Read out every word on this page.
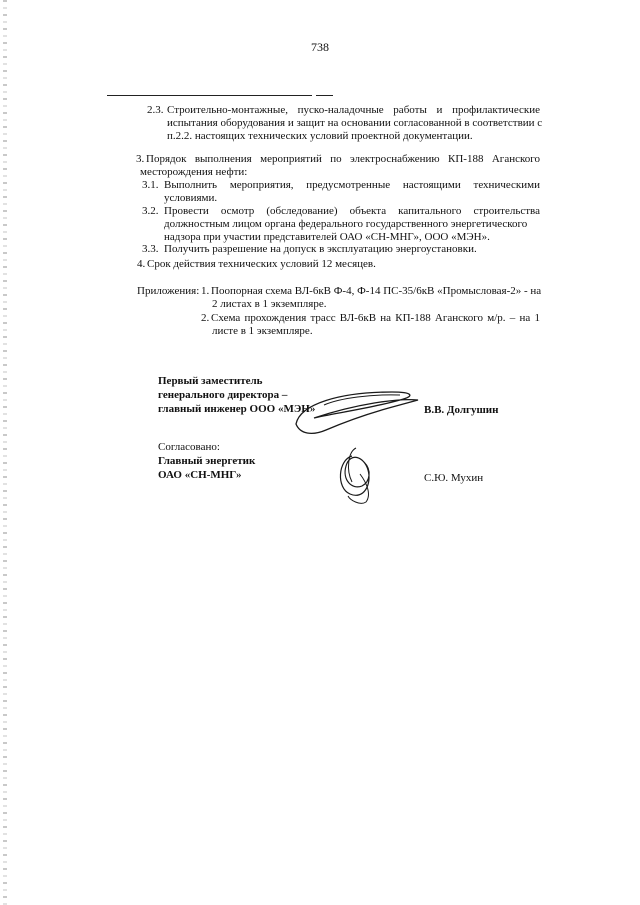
738
2.3. Строительно-монтажные, пуско-наладочные работы и профилактические
испытания оборудования и защит на основании согласованной в соответствии с
п.2.2. настоящих технических условий проектной документации.
3. Порядок выполнения мероприятий по электроснабжению КП-188 Аганского
месторождения нефти:
3.1. Выполнить мероприятия, предусмотренные настоящими техническими
условиями.
3.2. Провести осмотр (обследование) объекта капитального строительства
должностным лицом органа федерального государственного энергетического
надзора при участии представителей ОАО «СН-МНГ», ООО «МЭН».
3.3. Получить разрешение на допуск в эксплуатацию энергоустановки.
4. Срок действия технических условий 12 месяцев.
Приложения: 1. Поопорная схема ВЛ-6кВ Ф-4, Ф-14 ПС-35/6кВ «Промысловая-2» - на
2 листах в 1 экземпляре.
2. Схема прохождения трасс ВЛ-6кВ на КП-188 Аганского м/р. – на 1
листе в 1 экземпляре.
Первый заместитель
генерального директора –
главный инженер ООО «МЭН»	В.В. Долгушин
Согласовано:
Главный энергетик
ОАО «СН-МНГ»	С.Ю. Мухин
